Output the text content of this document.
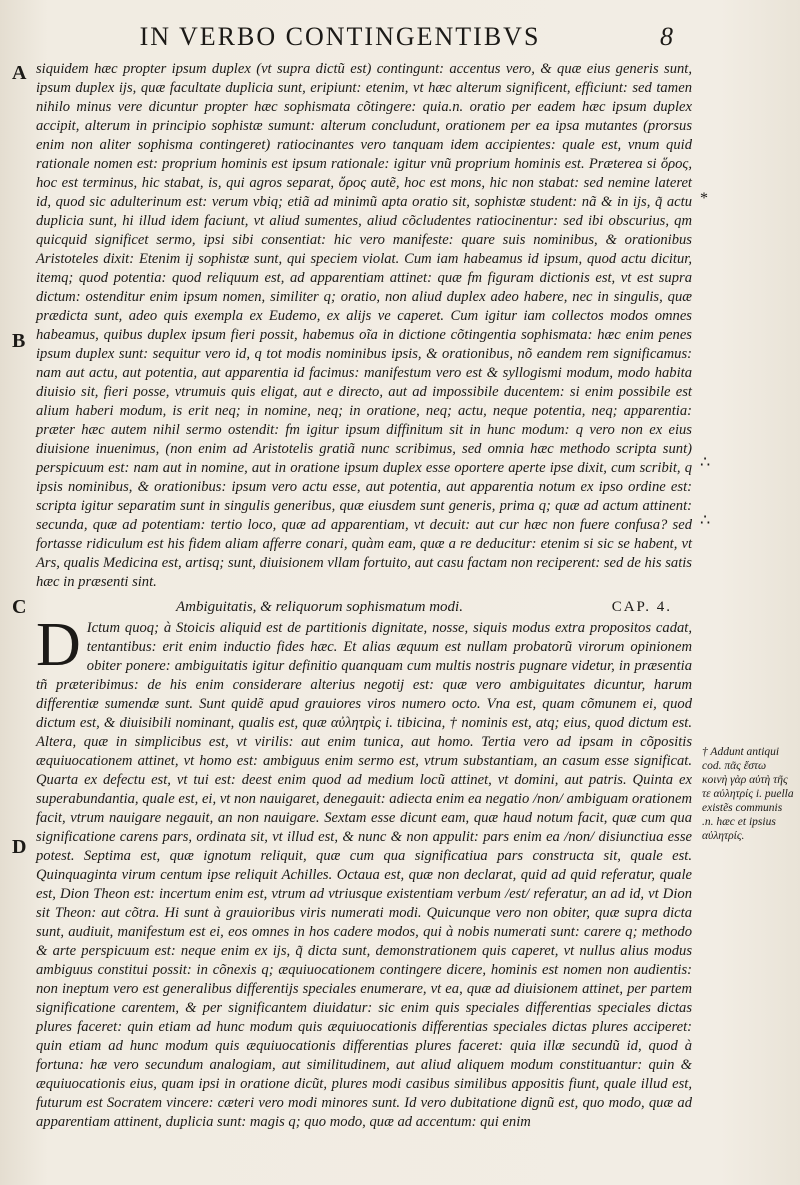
IN VERBO CONTINGENTIBVS	8
A
B
C
D
*
∴
∴

siquidem hæc propter ipsum duplex (vt supra dictũ est) contingunt: accentus vero, & quæ eius generis sunt, ipsum duplex ijs, quæ facultate duplicia sunt, eripiunt: etenim, vt hæc alterum significent, efficiunt: sed tamen nihilo minus vere dicuntur propter hæc sophismata cõtingere: quia.n. oratio per eadem hæc ipsum duplex accipit, alterum in principio sophistæ sumunt: alterum concludunt, orationem per ea ipsa mutantes (prorsus enim non aliter sophisma contingeret) ratiocinantes vero tanquam idem accipientes: quale est, vnum quid rationale nomen est: proprium hominis est ipsum rationale: igitur vnũ proprium hominis est. Præterea si ὅρος, hoc est terminus, hic stabat, is, qui agros separat, ὄρος autẽ, hoc est mons, hic non stabat: sed nemine lateret id, quod sic adulterinum est: verum vbiq; etiã ad minimũ apta oratio sit, sophistæ student: nã & in ijs, q̃ actu duplicia sunt, hi illud idem faciunt, vt aliud sumentes, aliud cõcludentes ratiocinentur: sed ibi obscurius, qm quicquid significet sermo, ipsi sibi consentiat: hic vero manifeste: quare suis nominibus, & orationibus Aristoteles dixit: Etenim ij sophistæ sunt, qui speciem violat. Cum iam habeamus id ipsum, quod actu dicitur, itemq; quod potentia: quod reliquum est, ad apparentiam attinet: quæ fm figuram dictionis est, vt est supra dictum: ostenditur enim ipsum nomen, similiter q; oratio, non aliud duplex adeo habere, nec in singulis, quæ prædicta sunt, adeo quis exempla ex Eudemo, ex alijs ve caperet. Cum igitur iam collectos modos omnes habeamus, quibus duplex ipsum fieri possit, habemus oĩa in dictione cõtingentia sophismata: hæc enim penes ipsum duplex sunt: sequitur vero id, q tot modis nominibus ipsis, & orationibus, nõ eandem rem significamus: nam aut actu, aut potentia, aut apparentia id facimus: manifestum vero est & syllogismi modum, modo habita diuisio sit, fieri posse, vtrumuis quis eligat, aut e directo, aut ad impossibile ducentem: si enim possibile est alium haberi modum, is erit neq; in nomine, neq; in oratione, neq; actu, neque potentia, neq; apparentia: præter hæc autem nihil sermo ostendit: fm igitur ipsum diffinitum sit in hunc modum: q vero non ex eius diuisione inuenimus, (non enim ad Aristotelis gratiã nunc scribimus, sed omnia hæc methodo scripta sunt) perspicuum est: nam aut in nomine, aut in oratione ipsum duplex esse oportere aperte ipse dixit, cum scribit, q ipsis nominibus, & orationibus: ipsum vero actu esse, aut potentia, aut apparentia notum ex ipso ordine est: scripta igitur separatim sunt in singulis generibus, quæ eiusdem sunt generis, prima q; quæ ad actum attinent: secunda, quæ ad potentiam: tertio loco, quæ ad apparentiam, vt decuit: aut cur hæc non fuere confusa? sed fortasse ridiculum est his fidem aliam afferre conari, quàm eam, quæ a re deducitur: etenim si sic se habent, vt Ars, qualis Medicina est, artisq; sunt, diuisionem vllam fortuito, aut casu factam non reciperent: sed de his satis hæc in præsenti sint.

Ambiguitatis, & reliquorum sophismatum modi.	CAP. 4.

D Ictum quoq; à Stoicis aliquid est de partitionis dignitate, nosse, siquis modus extra propositos cadat, tentantibus: erit enim inductio fides hæc. Et alias æquum est nullam probatorũ virorum opinionem obiter ponere: ambiguitatis igitur definitio quanquam cum multis nostris pugnare videtur, in præsentia tñ præteribimus: de his enim considerare alterius negotij est: quæ vero ambiguitates dicuntur, harum differentiæ sumendæ sunt. Sunt quidẽ apud grauiores viros numero octo. Vna est, quam cõmunem ei, quod dictum est, & diuisibili nominant, qualis est, quæ αὐλητρὶς i. tibicina, † nominis est, atq; eius, quod dictum est. Altera, quæ in simplicibus est, vt virilis: aut enim tunica, aut homo. Tertia vero ad ipsam in cõpositis æquiuocationem attinet, vt homo est: ambiguus enim sermo est, vtrum substantiam, an casum esse significat. Quarta ex defectu est, vt tui est: deest enim quod ad medium locũ attinet, vt domini, aut patris. Quinta ex superabundantia, quale est, ei, vt non nauigaret, denegauit: adiecta enim ea negatio /non/ ambiguam orationem facit, vtrum nauigare negauit, an non nauigare. Sextam esse dicunt eam, quæ haud notum facit, quæ cum qua significatione carens pars, ordinata sit, vt illud est, & nunc & non appulit: pars enim ea /non/ disiunctiua esse potest. Septima est, quæ ignotum reliquit, quæ cum qua significatiua pars constructa sit, quale est. Quinquaginta virum centum ipse reliquit Achilles. Octaua est, quæ non declarat, quid ad quid referatur, quale est, Dion Theon est: incertum enim est, vtrum ad vtriusque existentiam verbum /est/ referatur, an ad id, vt Dion sit Theon: aut cõtra. Hi sunt à grauioribus viris numerati modi. Quicunque vero non obiter, quæ supra dicta sunt, audiuit, manifestum est ei, eos omnes in hos cadere modos, qui à nobis numerati sunt: carere q; methodo & arte perspicuum est: neque enim ex ijs, q̃ dicta sunt, demonstrationem quis caperet, vt nullus alius modus ambiguus constitui possit: in cõnexis q; æquiuocationem contingere dicere, hominis est nomen non audientis: non ineptum vero est generalibus differentijs speciales enumerare, vt ea, quæ ad diuisionem attinet, per partem significatione carentem, & per significantem diuidatur: sic enim quis speciales differentias speciales dictas plures faceret: quin etiam ad hunc modum quis æquiuocationis differentias speciales dictas plures acciperet: quin etiam ad hunc modum quis æquiuocationis differentias plures faceret: quia illæ secundũ id, quod à fortuna: hæ vero secundum analogiam, aut similitudinem, aut aliud aliquem modum constituantur: quin & æquiuocationis eius, quam ipsi in oratione dicũt, plures modi casibus similibus appositis fiunt, quale illud est, futurum est Socratem vincere: cæteri vero modi minores sunt. Id vero dubitatione dignũ est, quo modo, quæ ad apparentiam attinent, duplicia sunt: magis q; quo modo, quæ ad accentum: qui enim

† Addunt antiqui cod. πᾶς ἔστω κοινὴ γὰρ αὐτὴ τῆς τε αὐλητρίς i. puella existẽs communis .n. hæc et ipsius αὐλητρίς.
